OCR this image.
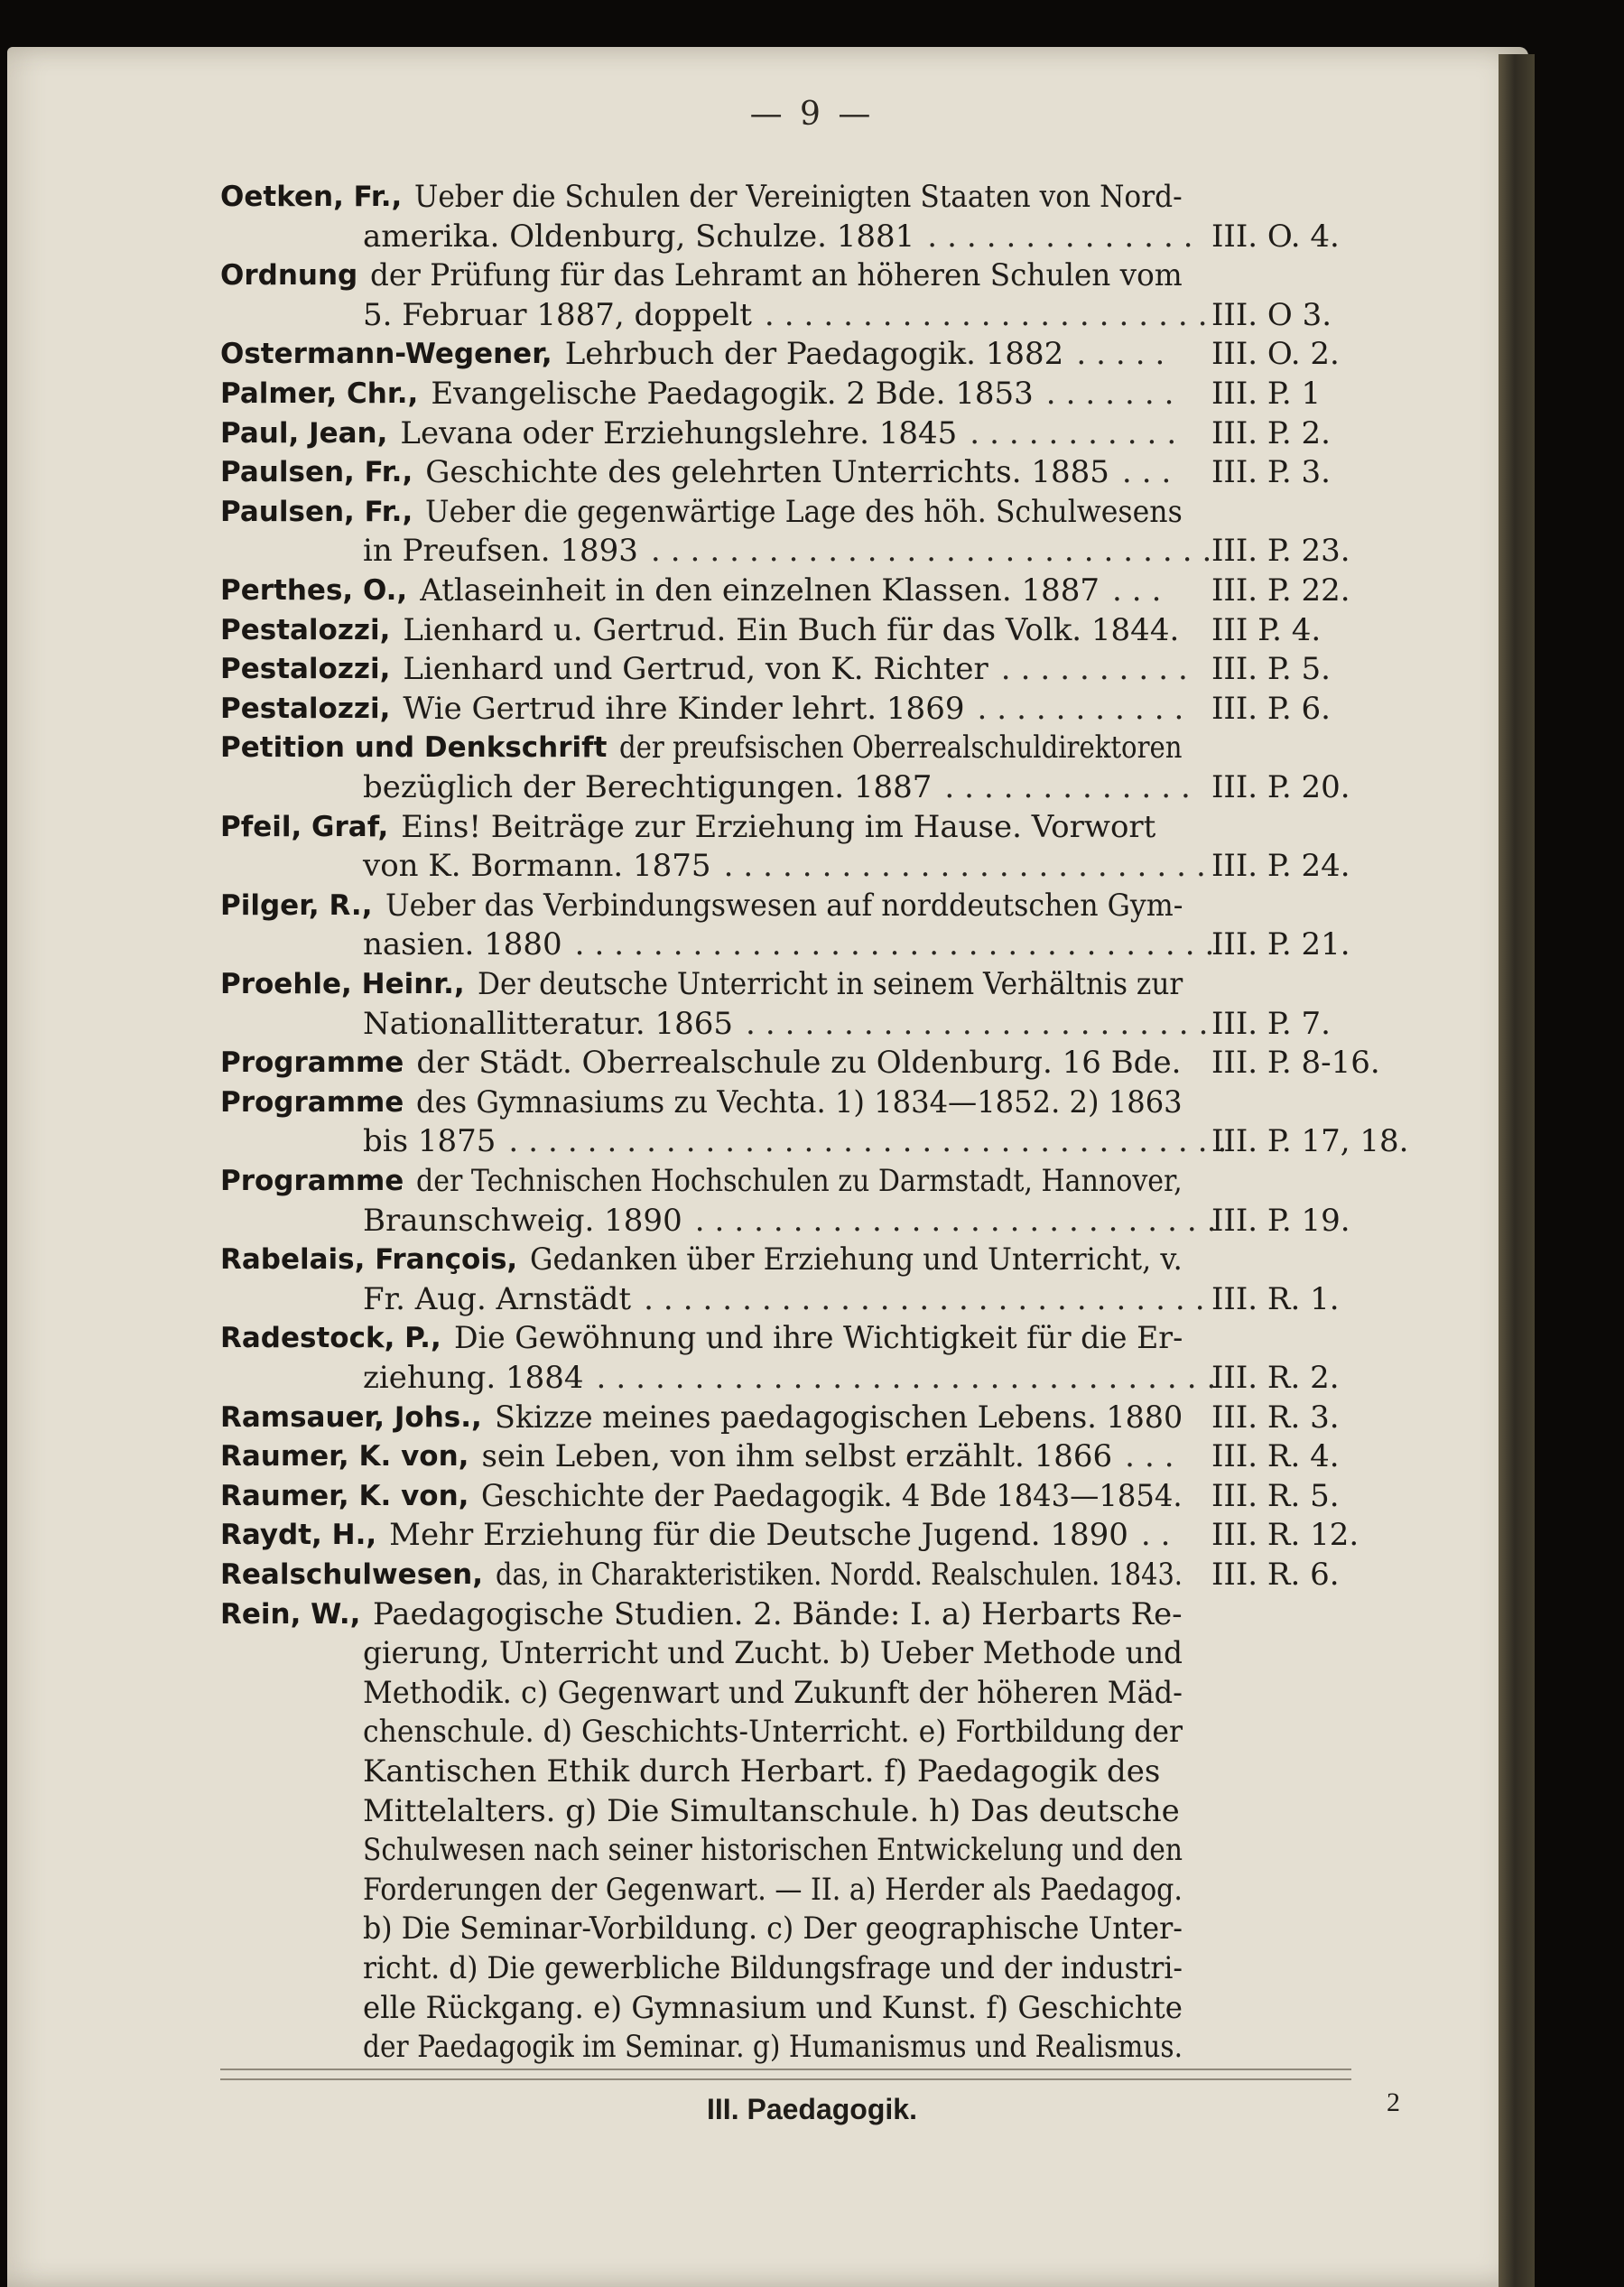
— 9 —
Oetken, Fr., Ueber die Schulen der Vereinigten Staaten von Nord-
amerika. Oldenburg, Schulze. 1881 .............. III. O. 4.
Ordnung der Prüfung für das Lehramt an höheren Schulen vom
5. Februar 1887, doppelt .......................
III. O 3.
Ostermann-Wegener, Lehrbuch der Paedagogik. 1882 ..... III. O. 2.
Palmer, Chr., Evangelische Paedagogik. 2 Bde. 1853 ....... III. P. 1
Paul, Jean, Levana oder Erziehungslehre. 1845 ........... III. P. 2.
Paulsen, Fr., Geschichte des gelehrten Unterrichts. 1885 ... III. P. 3.
Paulsen, Fr., Ueber die gegenwärtige Lage des höh. Schulwesens
in Preufsen. 1893 .............................
III. P. 23.
Perthes, O., Atlaseinheit in den einzelnen Klassen. 1887 ... III. P. 22.
Pestalozzi, Lienhard u. Gertrud. Ein Buch für das Volk. 1844. III P. 4.
Pestalozzi, Lienhard und Gertrud, von K. Richter .......... III. P. 5.
Pestalozzi, Wie Gertrud ihre Kinder lehrt. 1869 ........... III. P. 6.
Petition und Denkschrift der preufsischen Oberrealschuldirektoren
bezüglich der Berechtigungen. 1887 ............. III. P. 20.
Pfeil, Graf, Eins! Beiträge zur Erziehung im Hause. Vorwort
von K. Bormann. 1875 .........................
III. P. 24.
Pilger, R., Ueber das Verbindungswesen auf norddeutschen Gym-
nasien. 1880 .................................
III. P. 21.
Proehle, Heinr., Der deutsche Unterricht in seinem Verhältnis zur
Nationallitteratur. 1865 ........................
III. P. 7.
Programme der Städt. Oberrealschule zu Oldenburg. 16 Bde. III. P. 8-16.
Programme des Gymnasiums zu Vechta. 1) 1834—1852. 2) 1863
bis 1875 .....................................
III. P. 17, 18.
Programme der Technischen Hochschulen zu Darmstadt, Hannover,
Braunschweig. 1890 ...........................
III. P. 19.
Rabelais, François, Gedanken über Erziehung und Unterricht, v.
Fr. Aug. Arnstädt .............................
III. R. 1.
Radestock, P., Die Gewöhnung und ihre Wichtigkeit für die Er-
ziehung. 1884 ................................
III. R. 2.
Ramsauer, Johs., Skizze meines paedagogischen Lebens. 1880 III. R. 3.
Raumer, K. von, sein Leben, von ihm selbst erzählt. 1866 ... III. R. 4.
Raumer, K. von, Geschichte der Paedagogik. 4 Bde 1843—1854. III. R. 5.
Raydt, H., Mehr Erziehung für die Deutsche Jugend. 1890 .. III. R. 12.
Realschulwesen, das, in Charakteristiken. Nordd. Realschulen. 1843. III. R. 6.
Rein, W., Paedagogische Studien. 2. Bände: I. a) Herbarts Re-
gierung, Unterricht und Zucht. b) Ueber Methode und
Methodik. c) Gegenwart und Zukunft der höheren Mäd-
chenschule. d) Geschichts-Unterricht. e) Fortbildung der
Kantischen Ethik durch Herbart. f) Paedagogik des
Mittelalters. g) Die Simultanschule. h) Das deutsche
Schulwesen nach seiner historischen Entwickelung und den
Forderungen der Gegenwart. — II. a) Herder als Paedagog.
b) Die Seminar-Vorbildung. c) Der geographische Unter-
richt. d) Die gewerbliche Bildungsfrage und der industri-
elle Rückgang. e) Gymnasium und Kunst. f) Geschichte
der Paedagogik im Seminar. g) Humanismus und Realismus.
III. Paedagogik.	2
